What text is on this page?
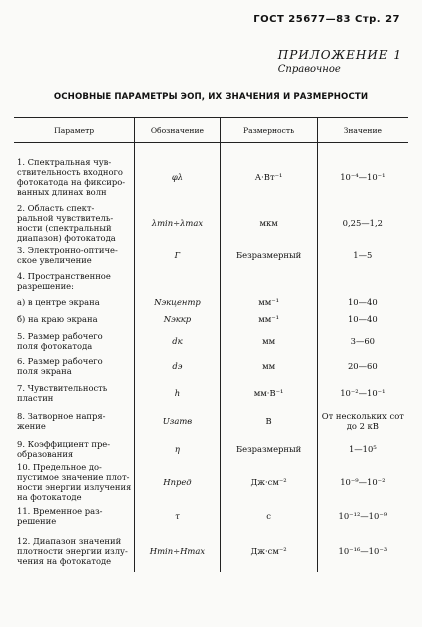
ГОСТ 25677—83 Стр. 27
ПРИЛОЖЕНИЕ 1
Справочное
ОСНОВНЫЕ ПАРАМЕТРЫ ЭОП, ИХ ЗНАЧЕНИЯ И РАЗМЕРНОСТИ
Параметр	Обозначение	Размерность	Значение

1. Спектральная чув-
ствительность входного
фотокатода на фиксиро-
ванных длинах волн	φλ	А·Вт⁻¹	10⁻⁴—10⁻¹

2. Область спект-
ральной чувствитель-
ности (спектральный
диапазон) фотокатода	λmin÷λmax	мкм	0,25—1,2

3. Электронно-оптиче-
ское увеличение	Г	Безразмерный	1—5

4. Пространственное
разрешение:			

а) в центре экрана	Nэкцентр	мм⁻¹	10—40

б) на краю экрана	Nэккр	мм⁻¹	10—40

5. Размер рабочего
поля фотокатода	dк	мм	3—60

6. Размер рабочего
поля экрана	dэ	мм	20—60

7. Чувствительность
пластин	h	мм·В⁻¹	10⁻²—10⁻¹

8. Затворное напря-
жение	Uзатв	В	От нескольких сот до 2 кВ

9. Коэффициент пре-
образования	η	Безразмерный	1—10⁵

10. Предельное до-
пустимое значение плот-
ности энергии излучения
на фотокатоде	Hпред	Дж·см⁻²	10⁻⁹—10⁻²

11. Временное раз-
решение	τ	с	10⁻¹²—10⁻⁹

12. Диапазон значений
плотности энергии излу-
чения на фотокатоде	Hmin÷Hmax	Дж·см⁻²	10⁻¹⁶—10⁻³
